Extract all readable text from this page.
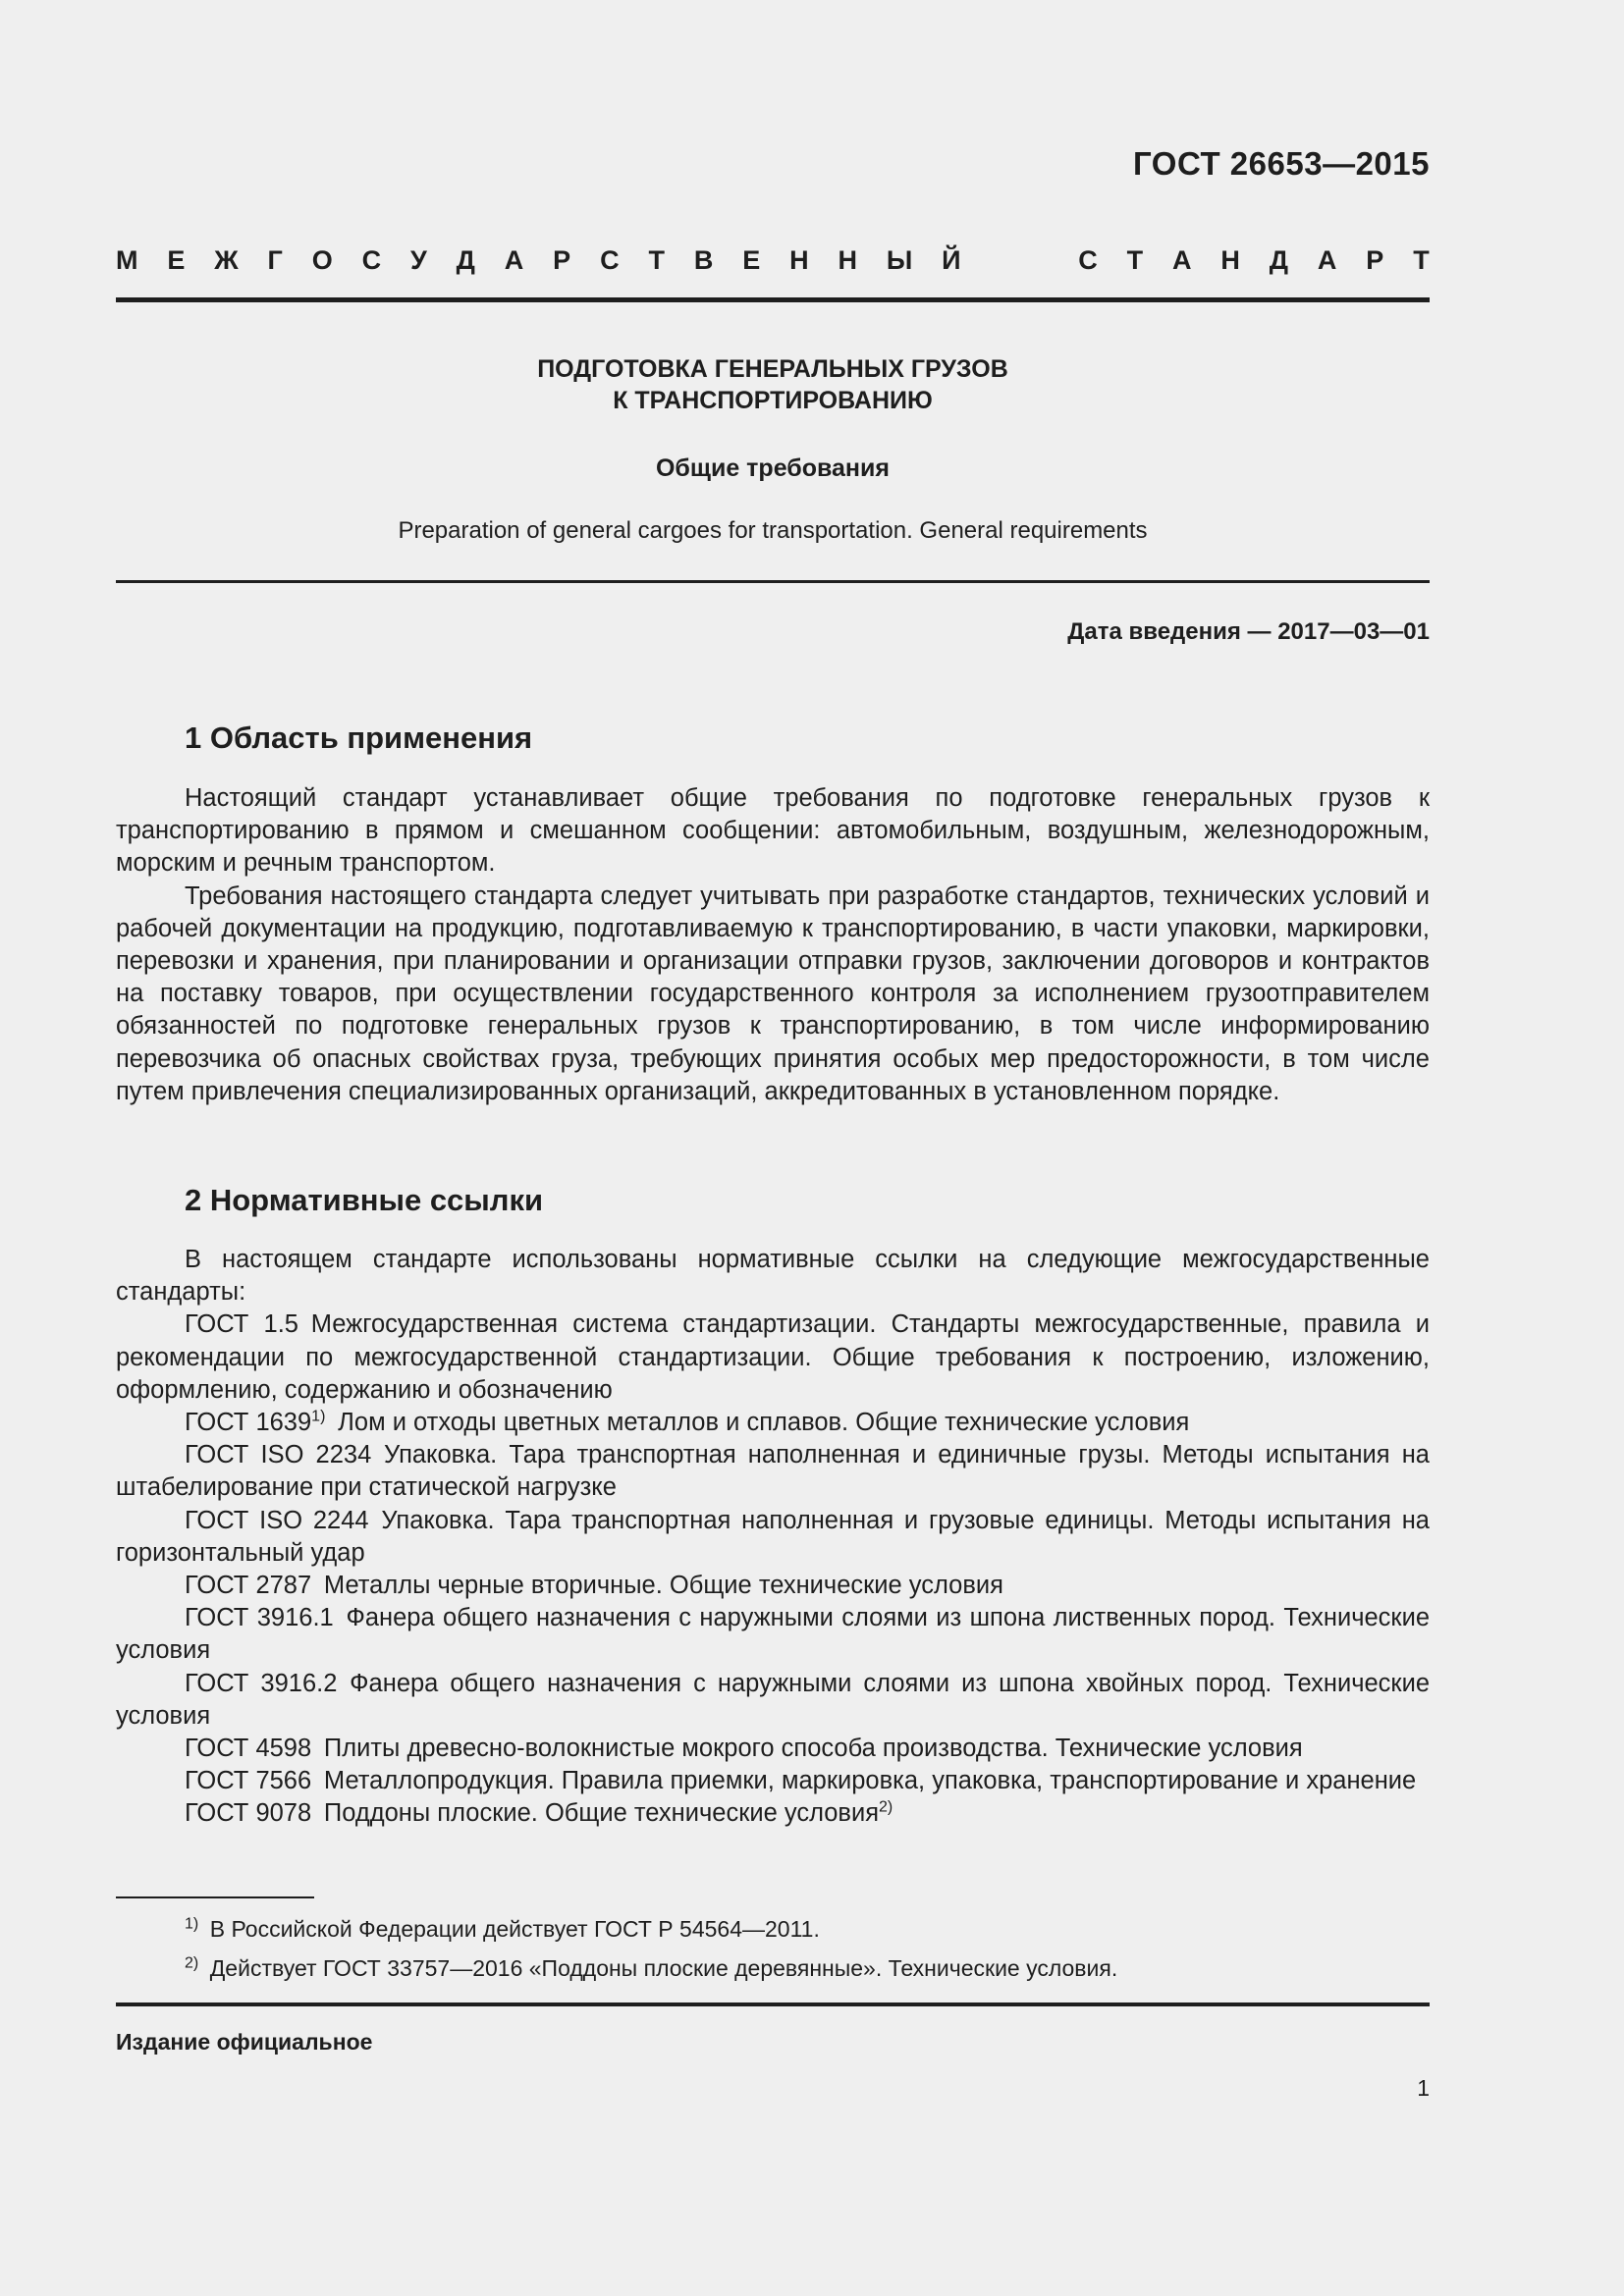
ГОСТ 26653—2015
М Е Ж Г О С У Д А Р С Т В Е Н Н Ы Й	С Т А Н Д А Р Т
ПОДГОТОВКА ГЕНЕРАЛЬНЫХ ГРУЗОВ
К ТРАНСПОРТИРОВАНИЮ
Общие требования
Preparation of general cargoes for transportation. General requirements
Дата введения — 2017—03—01
1 Область применения

Настоящий стандарт устанавливает общие требования по подготовке генеральных грузов к транспортированию в прямом и смешанном сообщении: автомобильным, воздушным, железнодорожным, морским и речным транспортом.

Требования настоящего стандарта следует учитывать при разработке стандартов, технических условий и рабочей документации на продукцию, подготавливаемую к транспортированию, в части упаковки, маркировки, перевозки и хранения, при планировании и организации отправки грузов, заключении договоров и контрактов на поставку товаров, при осуществлении государственного контроля за исполнением грузоотправителем обязанностей по подготовке генеральных грузов к транспортированию, в том числе информированию перевозчика об опасных свойствах груза, требующих принятия особых мер предосторожности, в том числе путем привлечения специализированных организаций, аккредитованных в установленном порядке.

2 Нормативные ссылки

В настоящем стандарте использованы нормативные ссылки на следующие межгосударственные стандарты:

ГОСТ 1.5 Межгосударственная система стандартизации. Стандарты межгосударственные, правила и рекомендации по межгосударственной стандартизации. Общие требования к построению, изложению, оформлению, содержанию и обозначению

ГОСТ 1639$^{1)}$ Лом и отходы цветных металлов и сплавов. Общие технические условия

ГОСТ ISO 2234 Упаковка. Тара транспортная наполненная и единичные грузы. Методы испытания на штабелирование при статической нагрузке

ГОСТ ISO 2244 Упаковка. Тара транспортная наполненная и грузовые единицы. Методы испытания на горизонтальный удар

ГОСТ 2787 Металлы черные вторичные. Общие технические условия

ГОСТ 3916.1 Фанера общего назначения с наружными слоями из шпона лиственных пород. Технические условия

ГОСТ 3916.2 Фанера общего назначения с наружными слоями из шпона хвойных пород. Технические условия

ГОСТ 4598 Плиты древесно-волокнистые мокрого способа производства. Технические условия

ГОСТ 7566 Металлопродукция. Правила приемки, маркировка, упаковка, транспортирование и хранение

ГОСТ 9078 Поддоны плоские. Общие технические условия$^{2)}$

$^{1)}$ В Российской Федерации действует ГОСТ Р 54564—2011.
$^{2)}$ Действует ГОСТ 33757—2016 «Поддоны плоские деревянные». Технические условия.
Издание официальное
1
